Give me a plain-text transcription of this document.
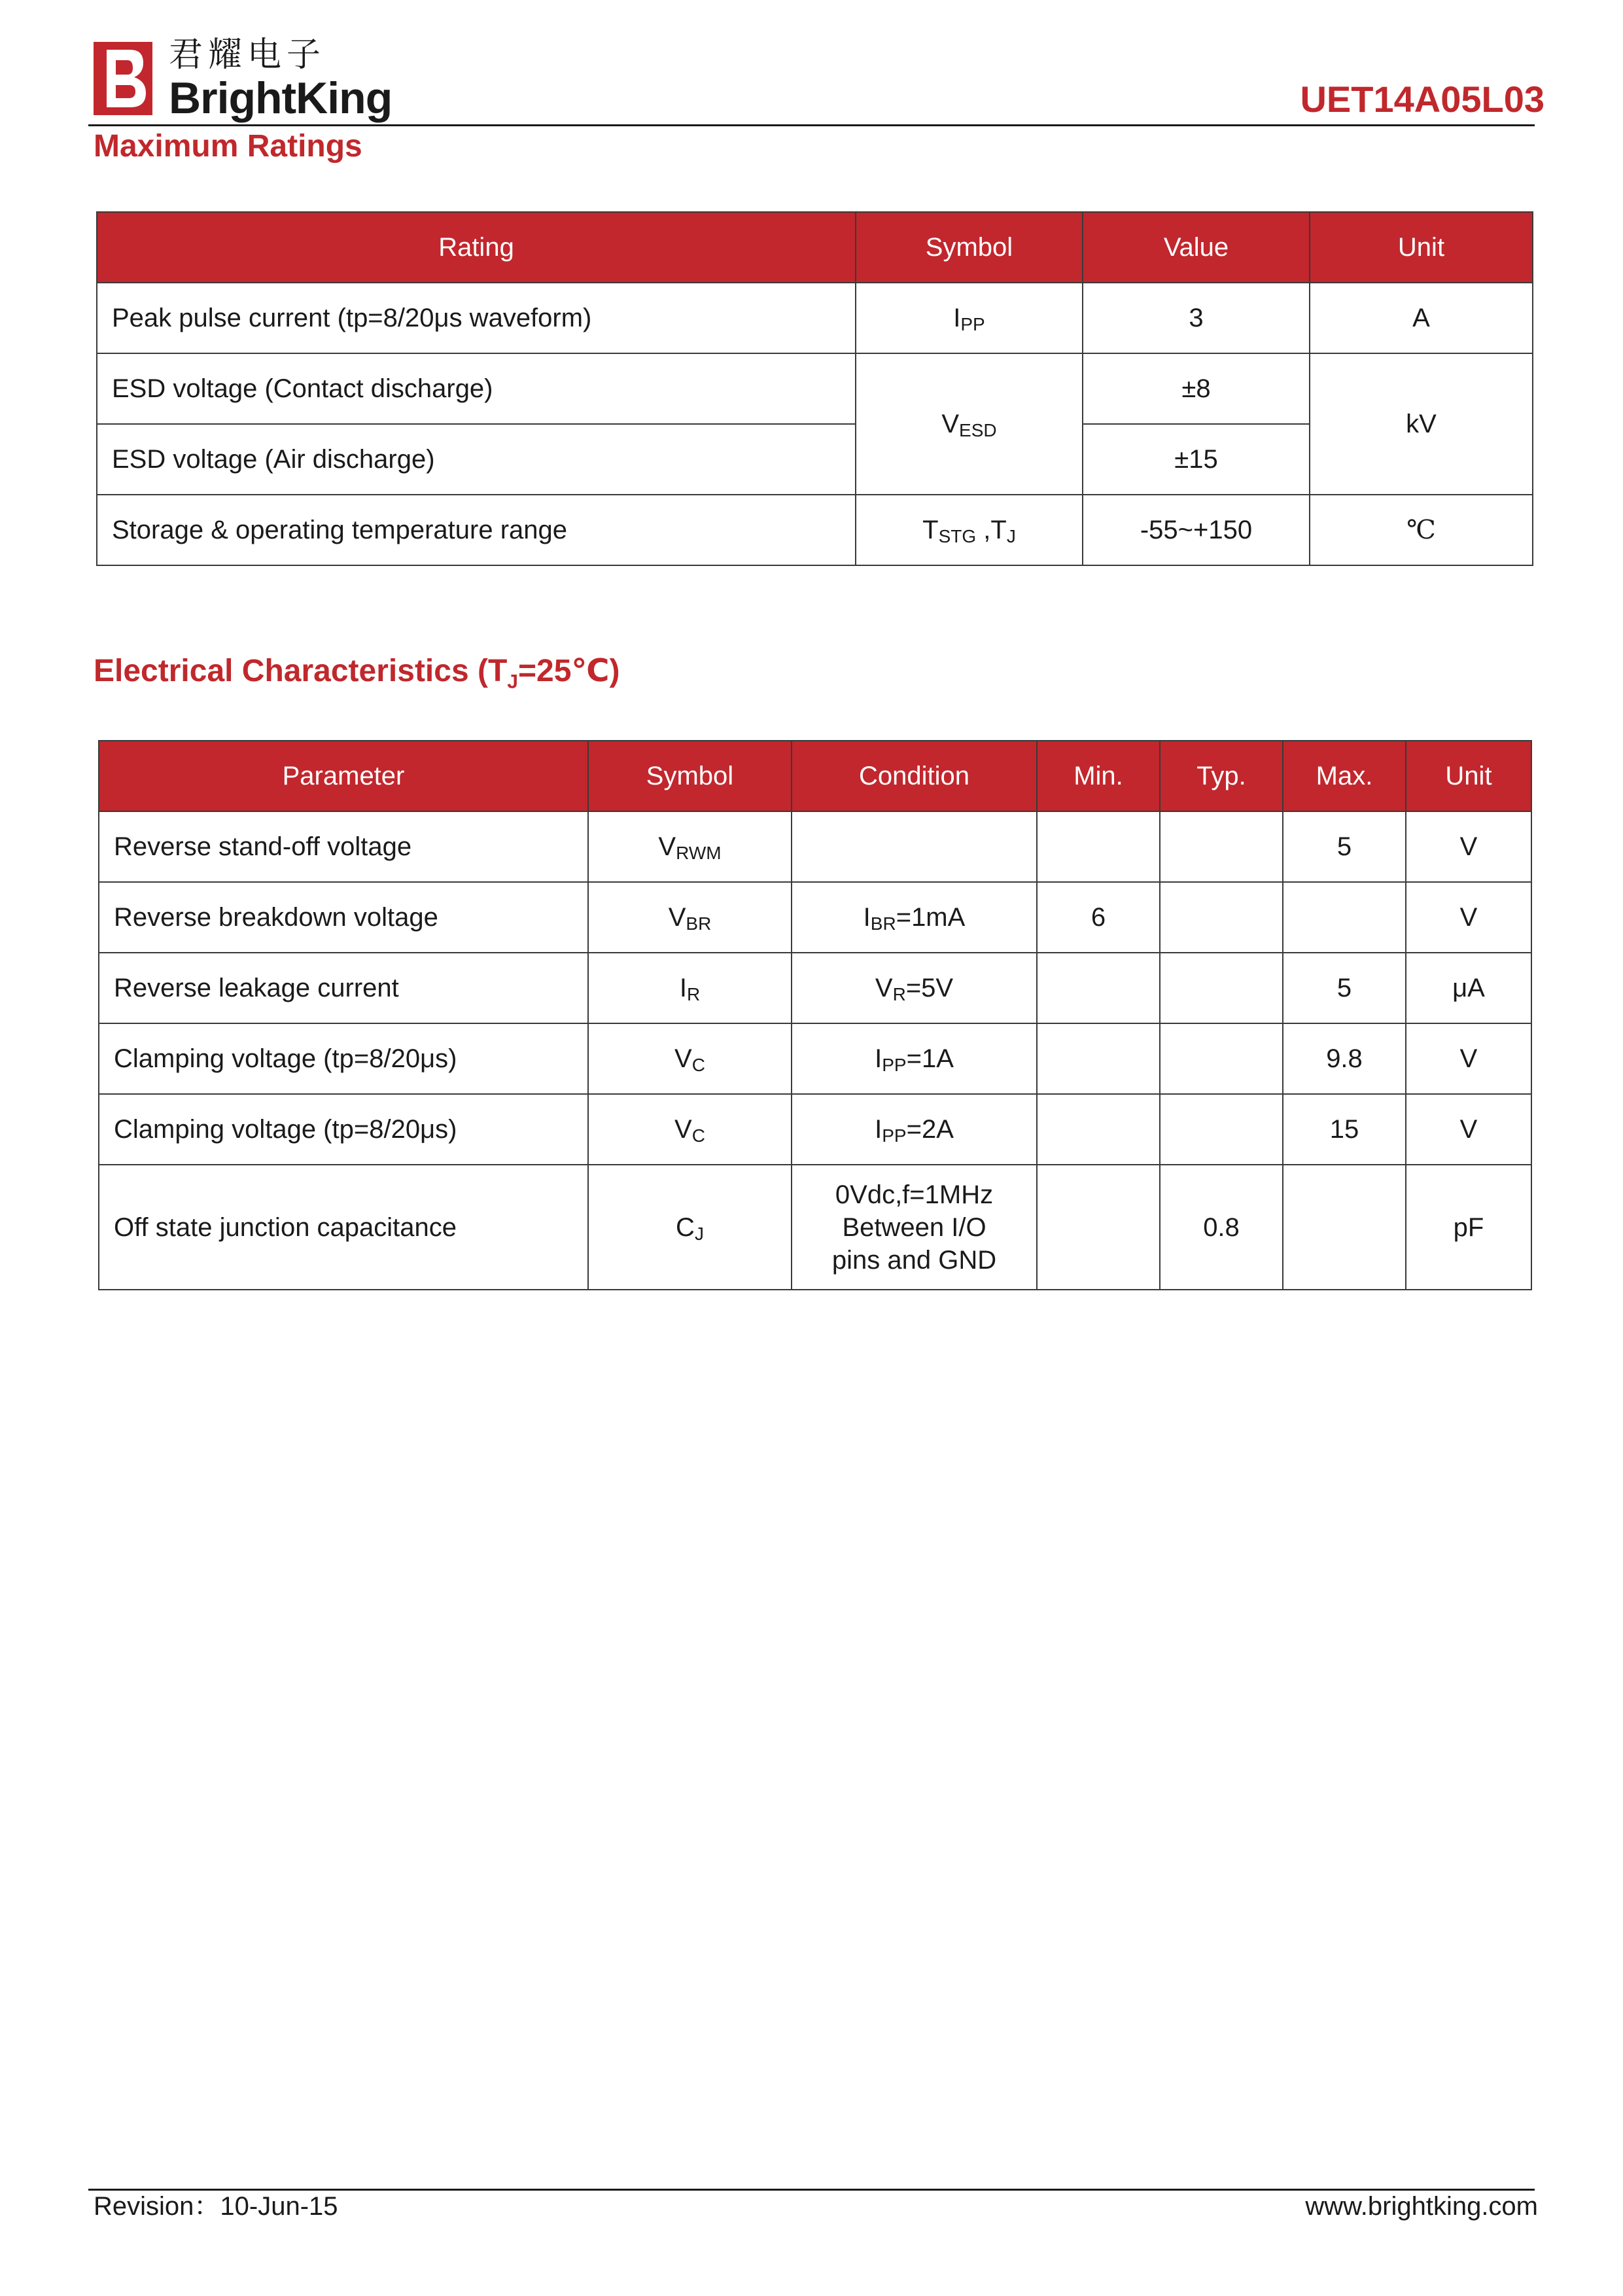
君耀电子
BrightKing	UET14A05L03
Maximum Ratings
Rating	Symbol	Value	Unit
Peak pulse current (tp=8/20μs waveform)	$I_{PP}$	3	A
ESD voltage (Contact discharge)	$V_{ESD}$	±8	kV
ESD voltage (Air discharge)		±15	
Storage & operating temperature range	$T_{STG}$ $,T_J$	-55~+150	℃
Electrical Characteristics $(T_J=25℃)$
Parameter	Symbol	Condition	Min.	Typ.	Max.	Unit
Reverse stand-off voltage	$V_{RWM}$				5	V
Reverse breakdown voltage	$V_{BR}$	$I_{BR}=1mA$	6			V
Reverse leakage current	$I_R$	$V_R=5V$			5	μA
Clamping voltage (tp=8/20μs)	$V_C$	$I_{PP}=1A$			9.8	V
Clamping voltage (tp=8/20μs)	$V_C$	$I_{PP}=2A$			15	V
Off state junction capacitance	$C_J$	0Vdc,f=1MHz
Between I/O
pins and GND		0.8		pF
Revision：10-Jun-15	www.brightking.com
